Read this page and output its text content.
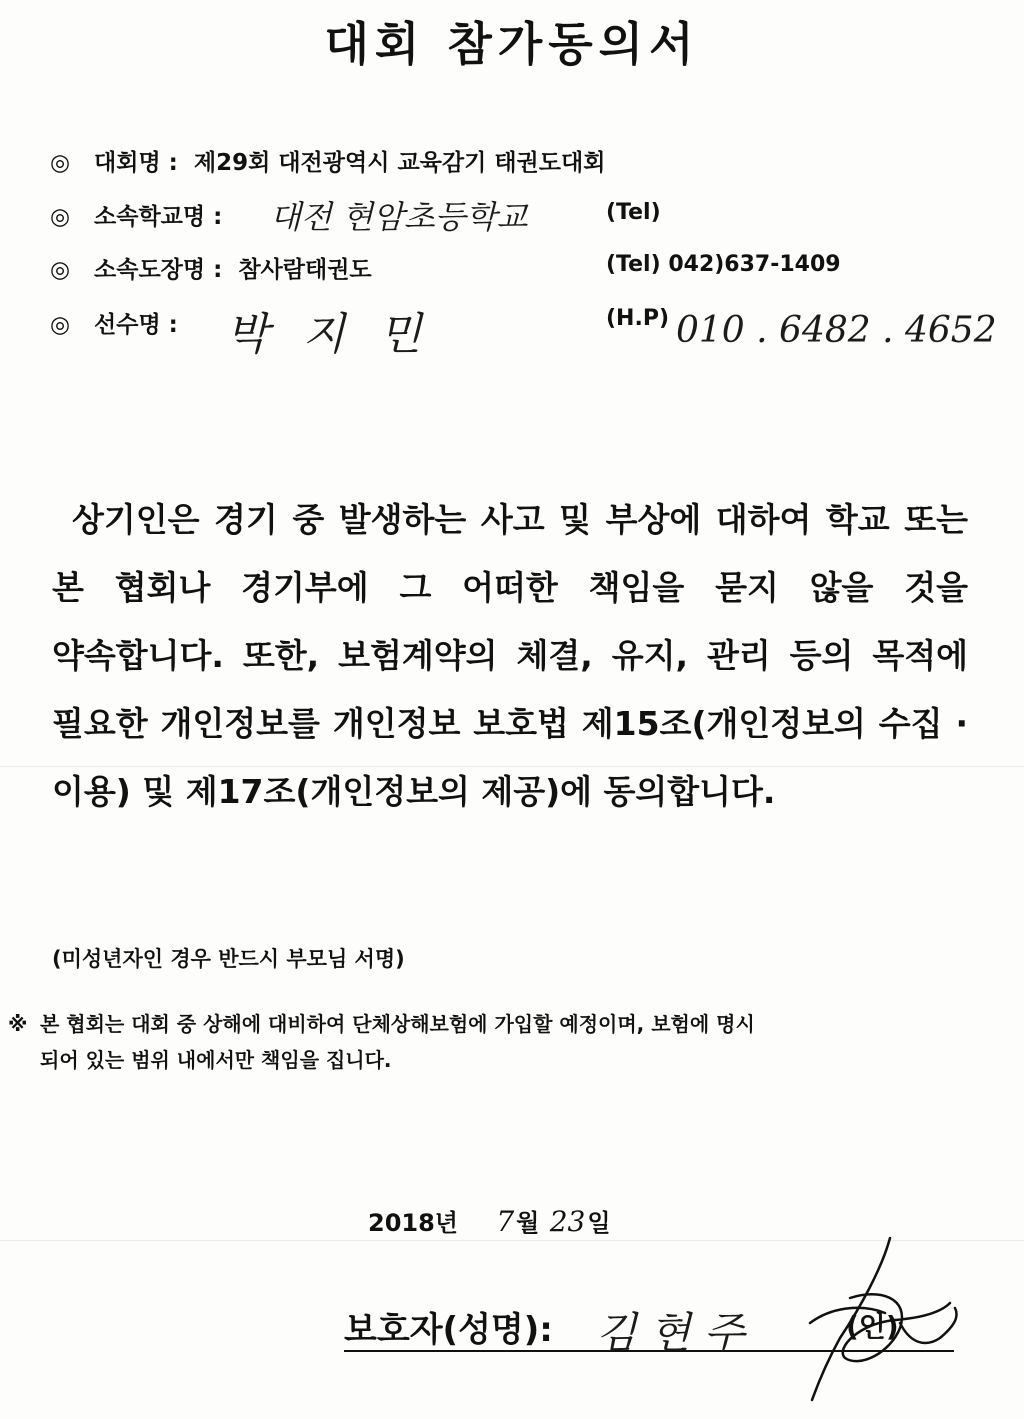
대회 참가동의서
◎ 대회명 : 제29회 대전광역시 교육감기 태권도대회
◎ 소속학교명 : 대전 현암초등학교	(Tel)
◎ 소속도장명 : 참사람태권도	(Tel) 042)637-1409
◎ 선수명 : 박 지 민	(H.P) 010 . 6482 . 4652
상기인은 경기 중 발생하는 사고 및 부상에 대하여 학교 또는 본 협회나 경기부에 그 어떠한 책임을 묻지 않을 것을 약속합니다. 또한, 보험계약의 체결, 유지, 관리 등의 목적에 필요한 개인정보를 개인정보 보호법 제15조(개인정보의 수집 · 이용) 및 제17조(개인정보의 제공)에 동의합니다.
(미성년자인 경우 반드시 부모님 서명)
※ 본 협회는 대회 중 상해에 대비하여 단체상해보험에 가입할 예정이며, 보험에 명시
되어 있는 범위 내에서만 책임을 집니다.
2018년 7월 23일
보호자(성명): 김 현 주	(인)
